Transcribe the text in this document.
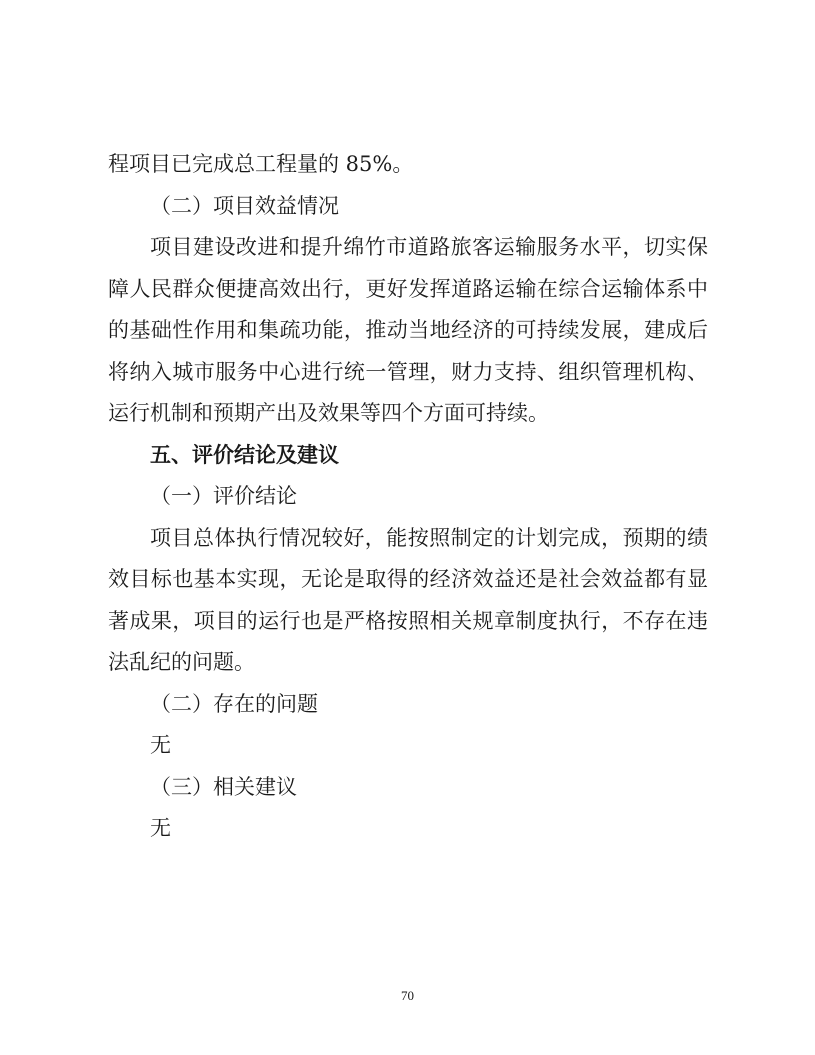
程项目已完成总工程量的 85%。
（二）项目效益情况
项目建设改进和提升绵竹市道路旅客运输服务水平，切实保
障人民群众便捷高效出行，更好发挥道路运输在综合运输体系中
的基础性作用和集疏功能，推动当地经济的可持续发展，建成后
将纳入城市服务中心进行统一管理，财力支持、组织管理机构、
运行机制和预期产出及效果等四个方面可持续。
五、评价结论及建议
（一）评价结论
项目总体执行情况较好，能按照制定的计划完成，预期的绩
效目标也基本实现，无论是取得的经济效益还是社会效益都有显
著成果，项目的运行也是严格按照相关规章制度执行，不存在违
法乱纪的问题。
（二）存在的问题
无
（三）相关建议
无
70
